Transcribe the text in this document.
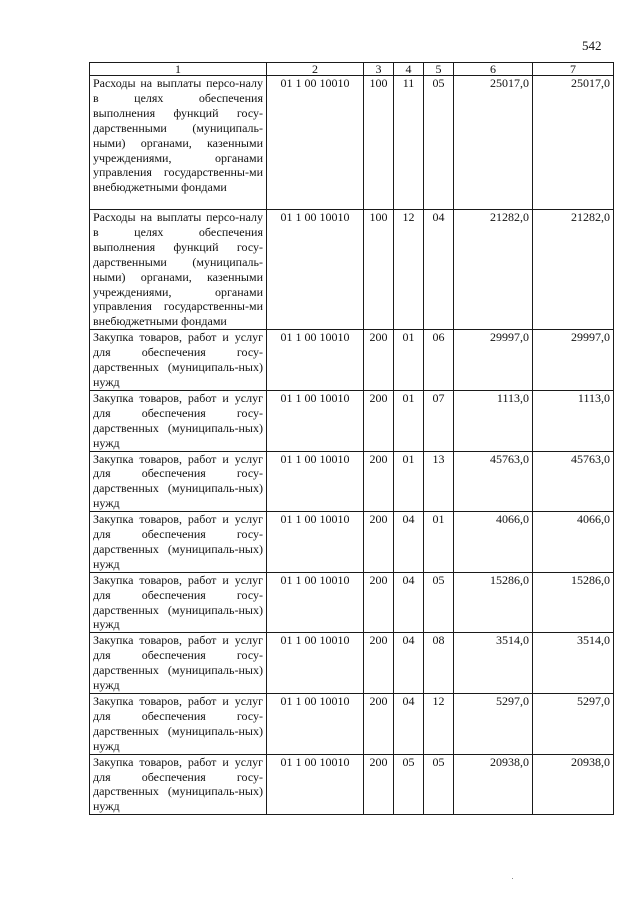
542
1	2	3	4	5	6	7
Расходы на выплаты персо-налу в целях обеспечения выполнения функций госу-дарственными (муниципаль-ными) органами, казенными учреждениями, органами управления государственны-ми внебюджетными фондами	01 1 00 10010	100	11	05	25017,0	25017,0
Расходы на выплаты персо-налу в целях обеспечения выполнения функций госу-дарственными (муниципаль-ными) органами, казенными учреждениями, органами управления государственны-ми внебюджетными фондами	01 1 00 10010	100	12	04	21282,0	21282,0
Закупка товаров, работ и услуг для обеспечения госу-дарственных (муниципаль-ных) нужд	01 1 00 10010	200	01	06	29997,0	29997,0
Закупка товаров, работ и услуг для обеспечения госу-дарственных (муниципаль-ных) нужд	01 1 00 10010	200	01	07	1113,0	1113,0
Закупка товаров, работ и услуг для обеспечения госу-дарственных (муниципаль-ных) нужд	01 1 00 10010	200	01	13	45763,0	45763,0
Закупка товаров, работ и услуг для обеспечения госу-дарственных (муниципаль-ных) нужд	01 1 00 10010	200	04	01	4066,0	4066,0
Закупка товаров, работ и услуг для обеспечения госу-дарственных (муниципаль-ных) нужд	01 1 00 10010	200	04	05	15286,0	15286,0
Закупка товаров, работ и услуг для обеспечения госу-дарственных (муниципаль-ных) нужд	01 1 00 10010	200	04	08	3514,0	3514,0
Закупка товаров, работ и услуг для обеспечения госу-дарственных (муниципаль-ных) нужд	01 1 00 10010	200	04	12	5297,0	5297,0
Закупка товаров, работ и услуг для обеспечения госу-дарственных (муниципаль-ных) нужд	01 1 00 10010	200	05	05	20938,0	20938,0
